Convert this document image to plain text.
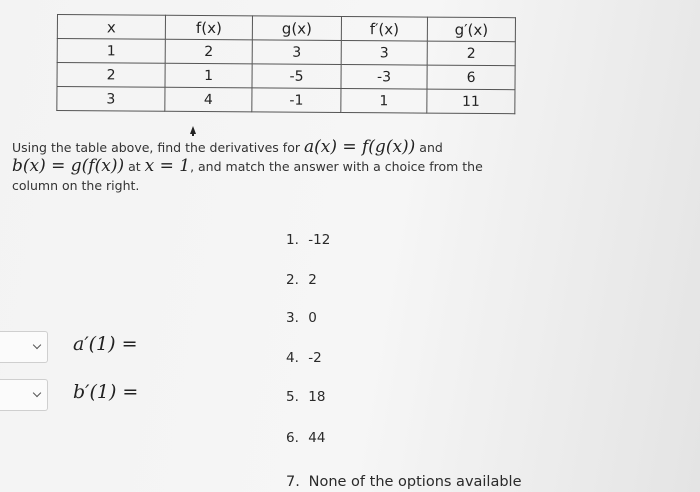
x	f(x)	g(x)	f′(x)	g′(x)
1	2	3	3	2
2	1	-5	-3	6
3	4	-1	1	11
Using the table above, find the derivatives for a(x) = f(g(x)) and
b(x) = g(f(x)) at x = 1, and match the answer with a choice from the column on the right.
1. -12
2. 2
3. 0
4. -2
5. 18
6. 44
7. None of the options available
a′(1) =
b′(1) =
